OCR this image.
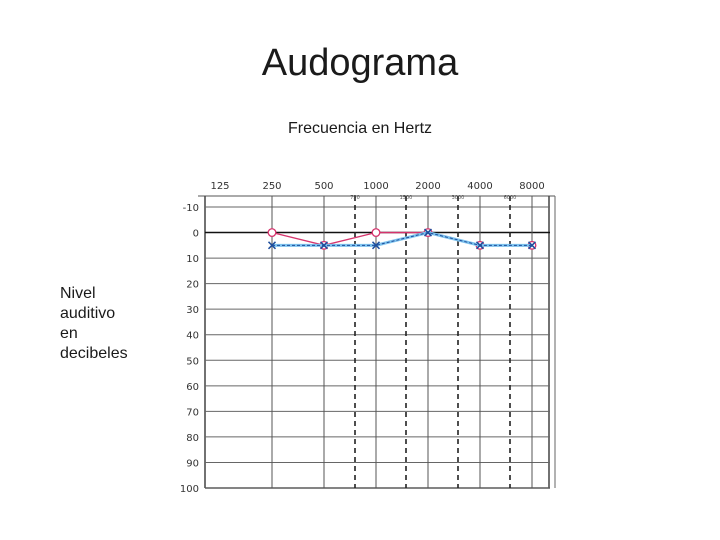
Audograma
Frecuencia en Hertz
Nivel
auditivo
en
decibeles
125	250	500	1000	2000	4000	8000
750	1500	3000	6000
-10
0
10
20
30
40
50
60
70
80
90
100
